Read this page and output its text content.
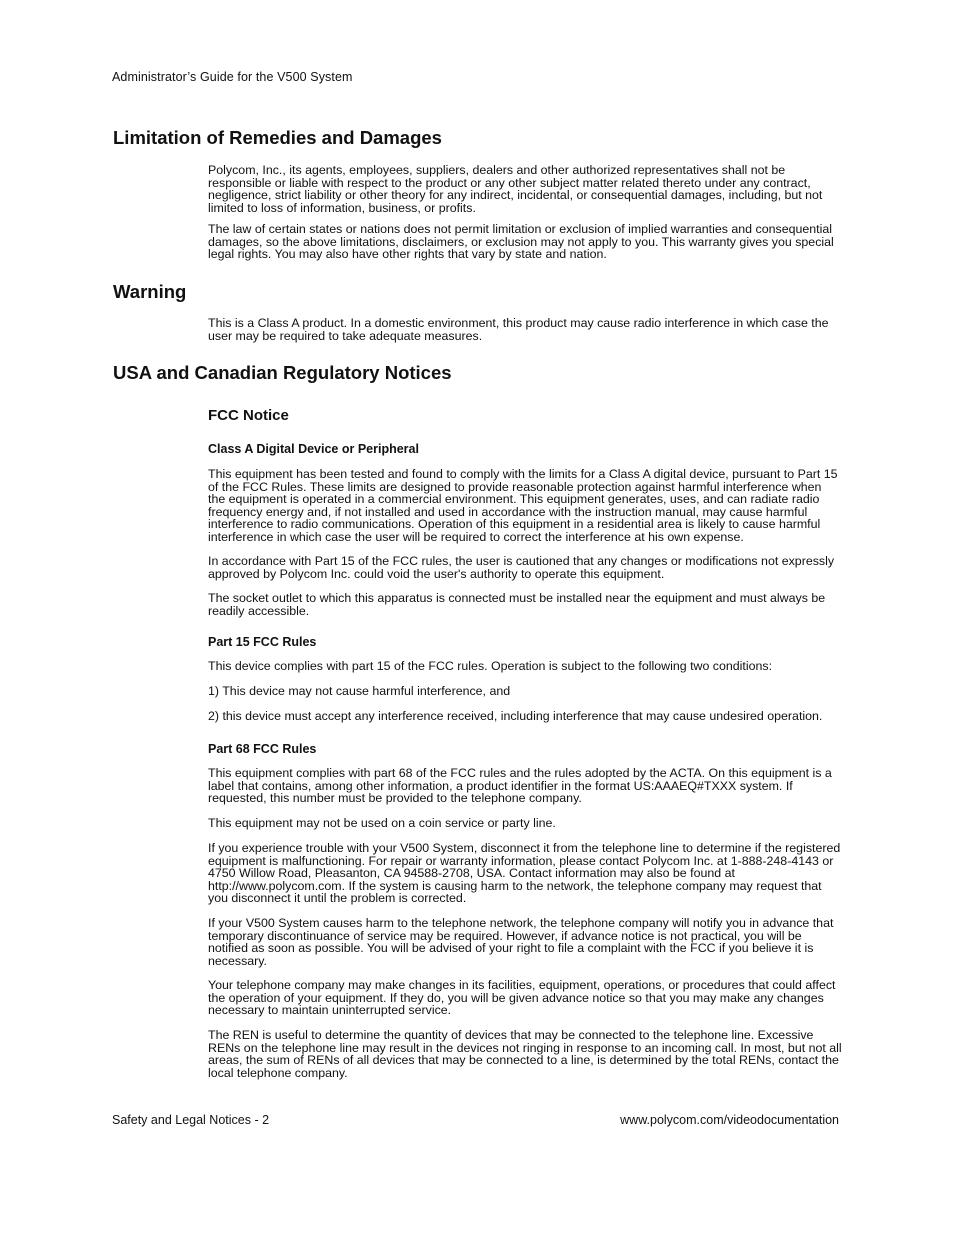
Administrator’s Guide for the V500 System
Limitation of Remedies and Damages

Polycom, Inc., its agents, employees, suppliers, dealers and other authorized representatives shall not be responsible or liable with respect to the product or any other subject matter related thereto under any contract, negligence, strict liability or other theory for any indirect, incidental, or consequential damages, including, but not limited to loss of information, business, or profits.

The law of certain states or nations does not permit limitation or exclusion of implied warranties and consequential damages, so the above limitations, disclaimers, or exclusion may not apply to you. This warranty gives you special legal rights. You may also have other rights that vary by state and nation.

Warning

This is a Class A product. In a domestic environment, this product may cause radio interference in which case the user may be required to take adequate measures.

USA and Canadian Regulatory Notices
FCC Notice
Class A Digital Device or Peripheral

This equipment has been tested and found to comply with the limits for a Class A digital device, pursuant to Part 15 of the FCC Rules. These limits are designed to provide reasonable protection against harmful interference when the equipment is operated in a commercial environment. This equipment generates, uses, and can radiate radio frequency energy and, if not installed and used in accordance with the instruction manual, may cause harmful interference to radio communications. Operation of this equipment in a residential area is likely to cause harmful interference in which case the user will be required to correct the interference at his own expense.

In accordance with Part 15 of the FCC rules, the user is cautioned that any changes or modifications not expressly approved by Polycom Inc. could void the user's authority to operate this equipment.

The socket outlet to which this apparatus is connected must be installed near the equipment and must always be readily accessible.

Part 15 FCC Rules

This device complies with part 15 of the FCC rules. Operation is subject to the following two conditions:

1) This device may not cause harmful interference, and

2) this device must accept any interference received, including interference that may cause undesired operation.

Part 68 FCC Rules

This equipment complies with part 68 of the FCC rules and the rules adopted by the ACTA. On this equipment is a label that contains, among other information, a product identifier in the format US:AAAEQ#TXXX system. If requested, this number must be provided to the telephone company.

This equipment may not be used on a coin service or party line.

If you experience trouble with your V500 System, disconnect it from the telephone line to determine if the registered equipment is malfunctioning. For repair or warranty information, please contact Polycom Inc. at 1-888-248-4143 or 4750 Willow Road, Pleasanton, CA 94588-2708, USA. Contact information may also be found at http://www.polycom.com. If the system is causing harm to the network, the telephone company may request that you disconnect it until the problem is corrected.

If your V500 System causes harm to the telephone network, the telephone company will notify you in advance that temporary discontinuance of service may be required. However, if advance notice is not practical, you will be notified as soon as possible. You will be advised of your right to file a complaint with the FCC if you believe it is necessary.

Your telephone company may make changes in its facilities, equipment, operations, or procedures that could affect the operation of your equipment. If they do, you will be given advance notice so that you may make any changes necessary to maintain uninterrupted service.

The REN is useful to determine the quantity of devices that may be connected to the telephone line. Excessive RENs on the telephone line may result in the devices not ringing in response to an incoming call. In most, but not all areas, the sum of RENs of all devices that may be connected to a line, is determined by the total RENs, contact the local telephone company.

Safety and Legal Notices - 2	www.polycom.com/videodocumentation
